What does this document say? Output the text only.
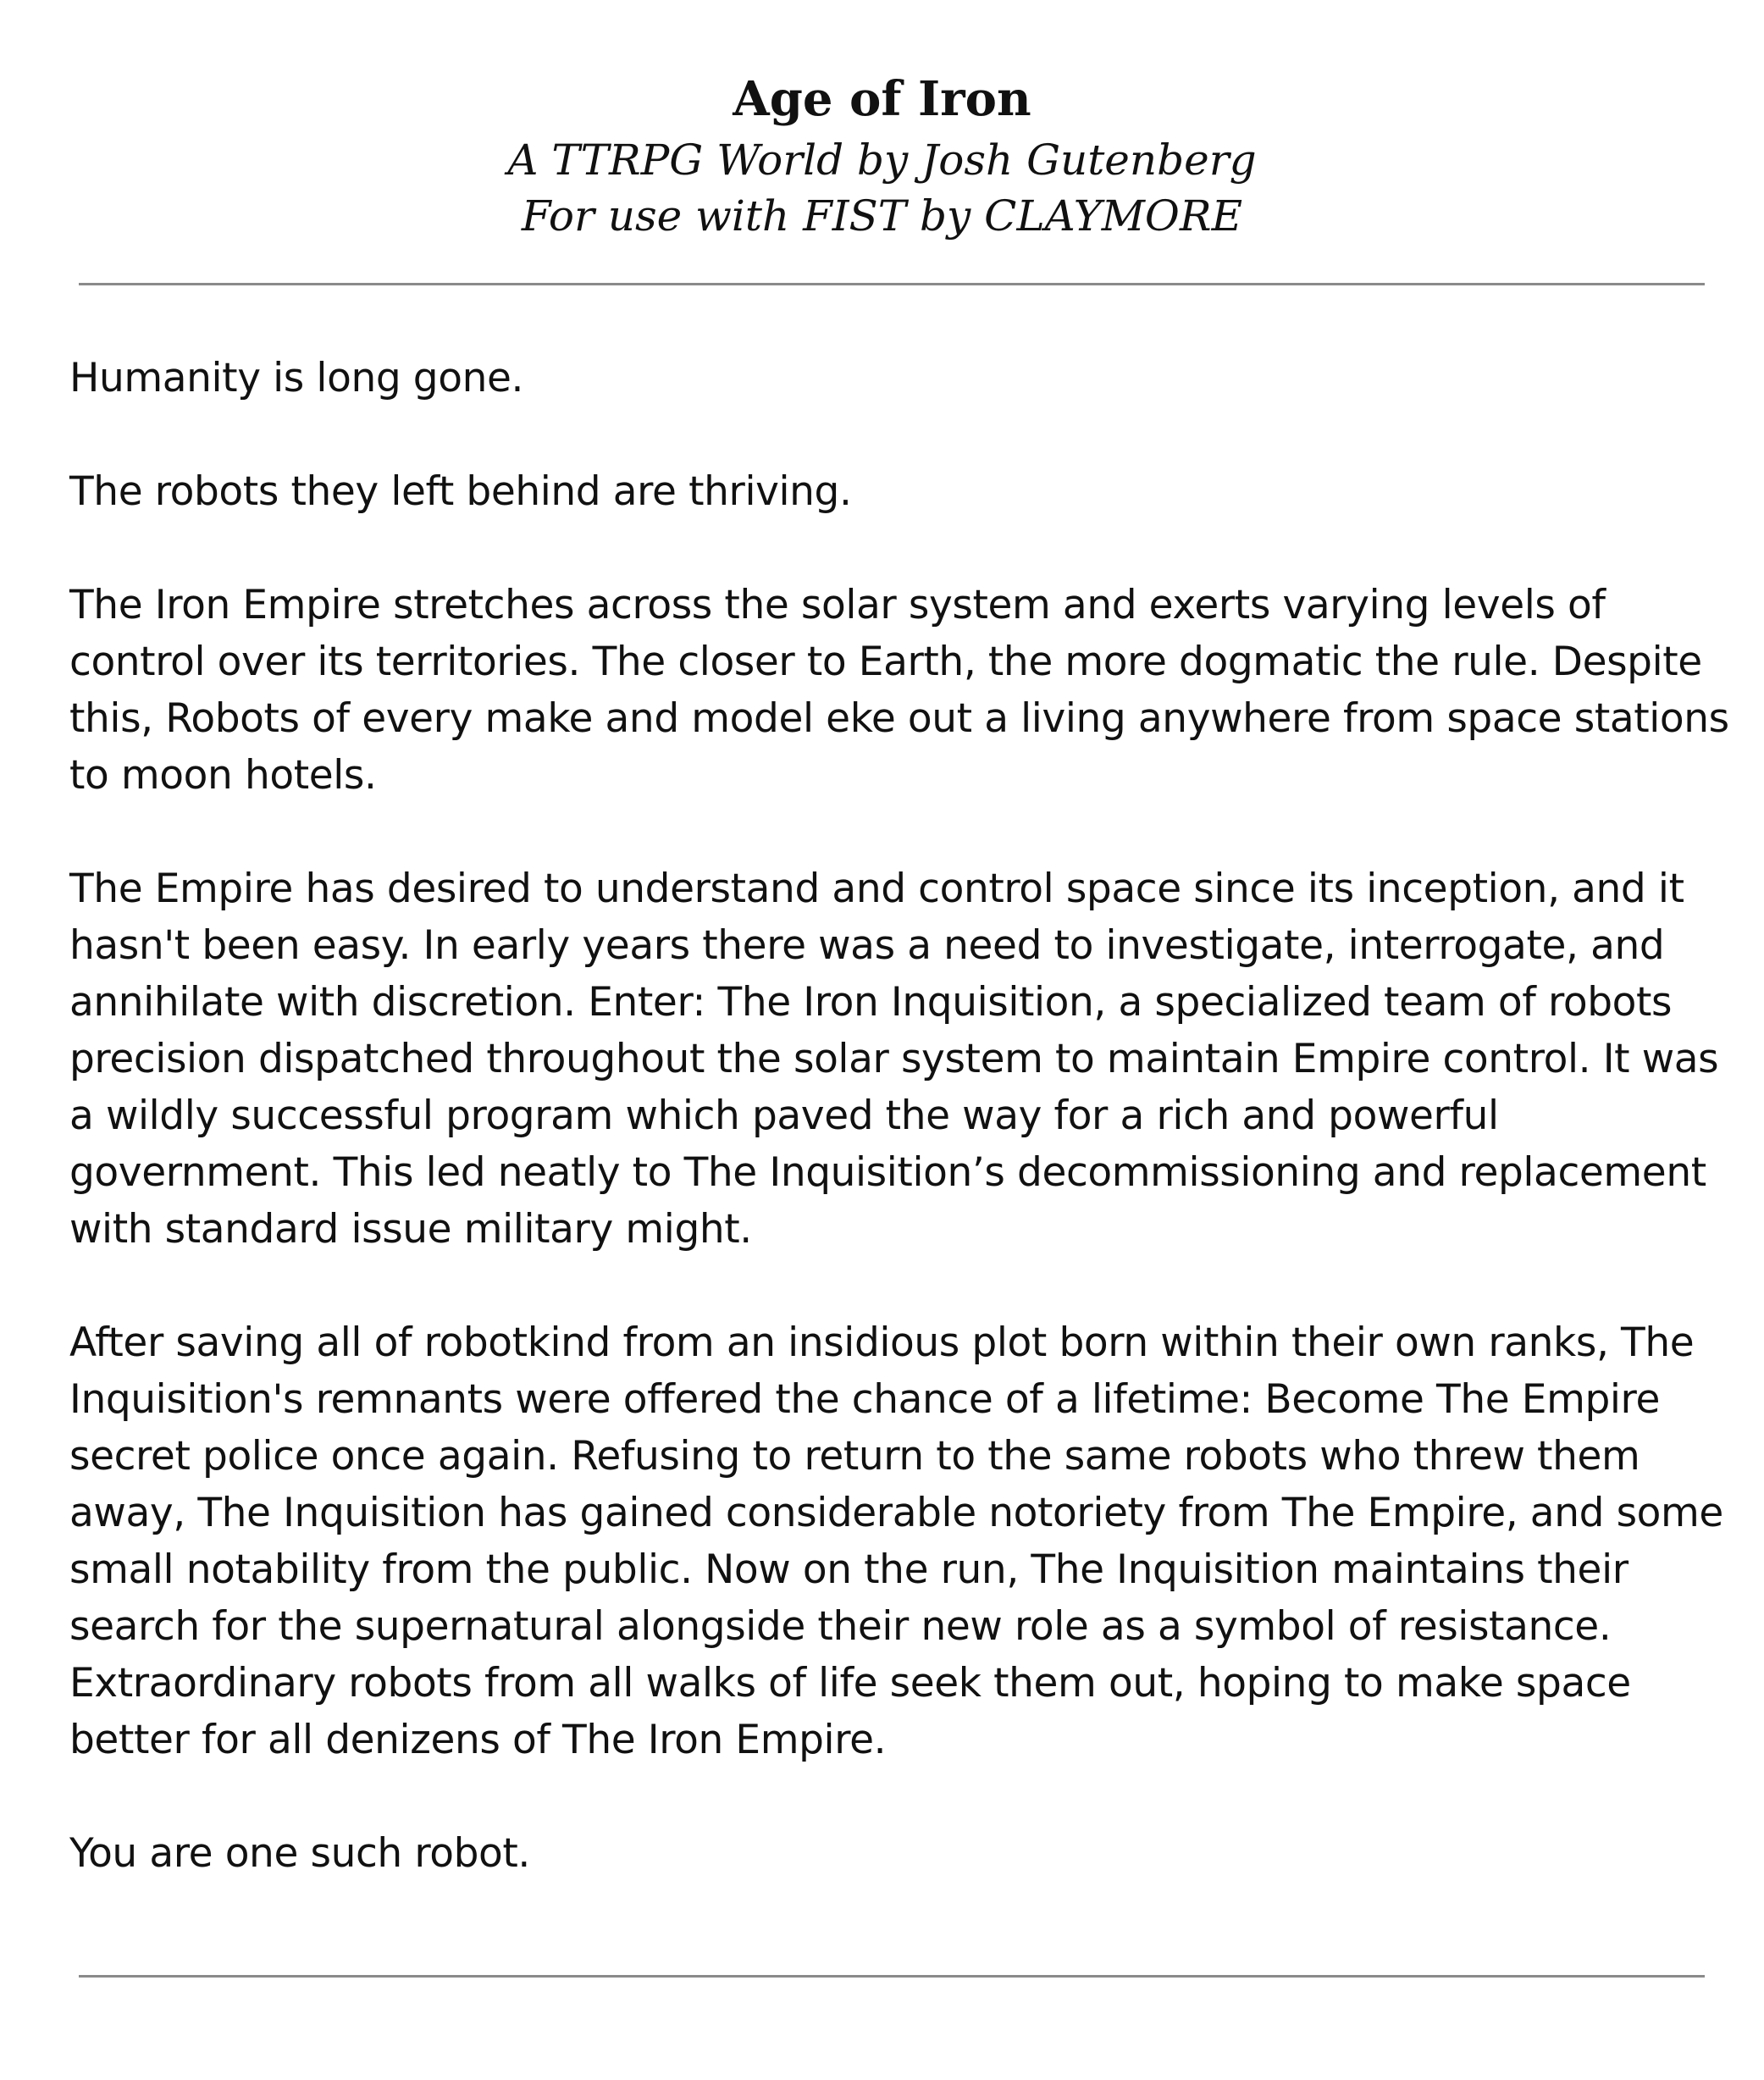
Age of Iron

A TTRPG World by Josh Gutenberg

For use with FIST by CLAYMORE

Humanity is long gone.

The robots they left behind are thriving.

The Iron Empire stretches across the solar system and exerts varying levels of control over its territories. The closer to Earth, the more dogmatic the rule. Despite this, Robots of every make and model eke out a living anywhere from space stations to moon hotels.

The Empire has desired to understand and control space since its inception, and it hasn't been easy. In early years there was a need to investigate, interrogate, and annihilate with discretion. Enter: The Iron Inquisition, a specialized team of robots precision dispatched throughout the solar system to maintain Empire control. It was a wildly successful program which paved the way for a rich and powerful government. This led neatly to The Inquisition’s decommissioning and replacement with standard issue military might.

After saving all of robotkind from an insidious plot born within their own ranks, The Inquisition's remnants were offered the chance of a lifetime: Become The Empire secret police once again. Refusing to return to the same robots who threw them away, The Inquisition has gained considerable notoriety from The Empire, and some small notability from the public. Now on the run, The Inquisition maintains their search for the supernatural alongside their new role as a symbol of resistance. Extraordinary robots from all walks of life seek them out, hoping to make space better for all denizens of The Iron Empire.

You are one such robot.
